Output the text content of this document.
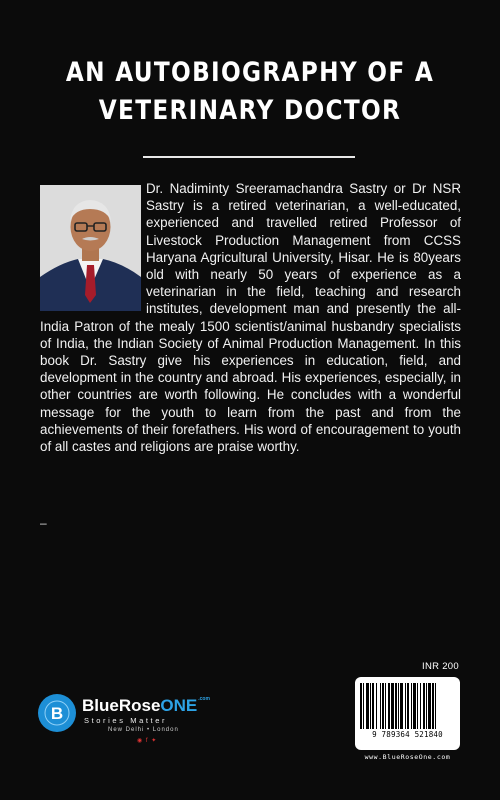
AN AUTOBIOGRAPHY OF A
VETERINARY DOCTOR
Dr. Nadiminty Sreeramachandra Sastry or Dr NSR Sastry is a retired veterinarian, a well-educated, experienced and travelled retired Professor of Livestock Production Management from CCSS Haryana Agricultural University, Hisar. He is 80years old with nearly 50 years of experience as a veterinarian in the field, teaching and research institutes, development man and presently the all-India Patron of the mealy 1500 scientist/animal husbandry specialists of India, the Indian Society of Animal Production Management. In this book Dr. Sastry give his experiences in education, field, and development in the country and abroad. His experiences, especially, in other countries are worth following. He concludes with a wonderful message for the youth to learn from the past and from the achievements of their forefathers. His word of encouragement to youth of all castes and religions are praise worthy.
–
INR 200
B BlueRoseONE$^{.com}$
Stories Matter
New Delhi • London
◉ f ✦
9 789364 521840
www.BlueRoseOne.com
